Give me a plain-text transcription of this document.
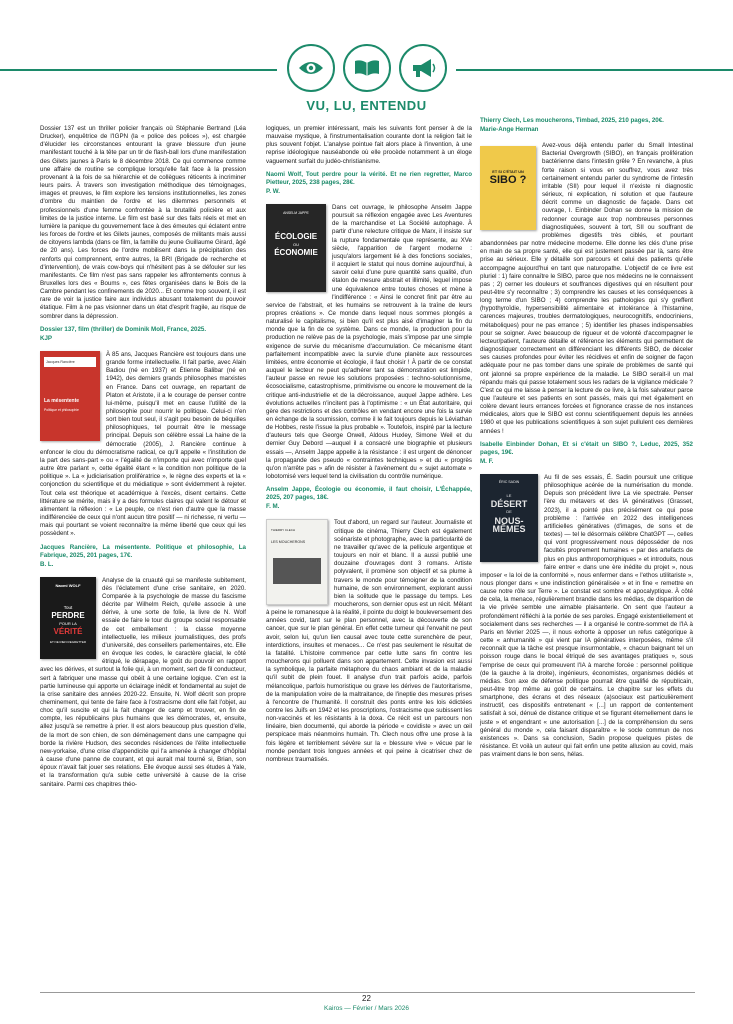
VU, LU, ENTENDU

Dossier 137 est un thriller policier français où Stéphanie Bertrand (Léa Drucker), enquêtrice de l'IGPN (la « police des polices »), est chargée d'élucider les circonstances entourant la grave blessure d'un jeune manifestant touché à la tête par un tir de flash-ball lors d'une manifestation des Gilets jaunes à Paris le 8 décembre 2018. Ce qui commence comme une affaire de routine se complique lorsqu'elle fait face à la pression provenant à la fois de sa hiérarchie et de collègues réticents à incriminer leurs pairs. À travers son investigation méthodique des témoignages, images et preuves, le film explore les tensions institutionnelles, les zones d'ombre du maintien de l'ordre et les dilemmes personnels et professionnels d'une femme confrontée à la brutalité policière et aux limites de la justice interne. Le film est basé sur des faits réels et met en lumière la panique du gouvernement face à des émeutes qui éclatent entre les forces de l'ordre et les Gilets jaunes, composés de militants mais aussi de citoyens lambda (dans ce film, la famille du jeune Guillaume Girard, âgé de 20 ans). Les forces de l'ordre mobilisent dans la précipitation des renforts qui comprennent, entre autres, la BRI (Brigade de recherche et d'intervention), de vrais cow-boys qui n'hésitent pas à se défouler sur les manifestants. Ce film n'est pas sans rappeler les affrontements connus à Bruxelles lors des « Boums », ces fêtes organisées dans le Bois de la Cambre pendant les confinements de 2020... Et comme trop souvent, il est rare de voir la justice faire aux individus abusant totalement du pouvoir étatique. Film à ne pas visionner dans un état d'esprit fragile, au risque de sombrer dans la dépression.

Dossier 137, film (thriller) de Dominik Moll, France, 2025.
KJP
Jacques Rancière
La mésentente
Politique et philosophie

À 85 ans, Jacques Rancière est toujours dans une grande forme intellectuelle. Il fait partie, avec Alain Badiou (né en 1937) et Étienne Balibar (né en 1942), des derniers grands philosophes marxistes en France. Dans cet ouvrage, en repartant de Platon et Aristote, il a le courage de penser contre lui-même, puisqu'il met en cause l'utilité de la philosophie pour nourrir le politique. Celui-ci n'en sort bien tout seul, il s'agit peu besoin de béquilles philosophiques, tel pourrait être le message principal. Depuis son célèbre essai La haine de la démocratie (2005), J. Rancière continue à enfoncer le clou du démocratisme radical, ce qu'il appelle « l'institution de la part des sans-part » ou « l'égalité de n'importe qui avec n'importe quel autre être parlant », cette égalité étant « la condition non politique de la politique ». La « judiciarisation prolifératrice », le règne des experts et la « conjonction du scientifique et du médiatique » sont évidemment à rejeter. Tout cela est théorique et académique à l'excès, disent certains. Cette littérature se mérite, mais il y a des formules claires qui valent le détour et alimentent la réflexion : « Le peuple, ce n'est rien d'autre que la masse indifférenciée de ceux qui n'ont aucun titre positif — ni richesse, ni vertu — mais qui pourtant se voient reconnaître la même liberté que ceux qui les possèdent ».

Jacques Rancière, La mésentente. Politique et philosophie, La Fabrique, 2025, 201 pages, 17€.
B. L.
Naomi WOLF
Tout
PERDRE
POUR LA
VÉRITÉ
ET NE RIEN REGRETTER

Analyse de la cruauté qui se manifeste subitement, dès l'éclatement d'une crise sanitaire, en 2020. Comparée à la psychologie de masse du fascisme décrite par Wilhelm Reich, qu'elle associe à une dérive, à une sorte de folie, la livre de N. Wolf essaie de faire le tour du groupe social responsable de cet emballement : la classe moyenne intellectuelle, les milieux journalistiques, des profs d'université, des conseillers parlementaires, etc. Elle en évoque les codes, le caractère glacial, le côté étriqué, le dérapage, le goût du pouvoir en rapport avec les dérives, et surtout la folie qui, à un moment, sert de fil conducteur, sert à fabriquer une masse qui obéit à une certaine logique. C'en est la partie lumineuse qui apporte un éclairage inédit et fondamental au sujet de la crise sanitaire des années 2020-22. Ensuite, N. Wolf décrit son propre cheminement, qui tente de faire face à l'ostracisme dont elle fait l'objet, au choc qu'il suscite et qui la fait changer de camp et trouver, en fin de compte, les républicains plus humains que les démocrates, et, ensuite, allez jusqu'à se remettre à prier. Il est alors beaucoup plus question d'elle, de la mort de son chien, de son déménagement dans une campagne qui borde la rivière Hudson, des secondes résidences de l'élite intellectuelle new-yorkaise, d'une crise d'appendicite qui l'a amenée à changer d'hôpital à cause d'une panne de courant, et qui aurait mal tourné si, Brian, son époux n'avait fait jouer ses relations. Elle évoque aussi ses études à Yale, et la transformation qu'a subie cette université à cause de la crise sanitaire. Parmi ces chapitres théo-

logiques, un premier intéressant, mais les suivants font penser à de la mauvaise mystique, à l'instrumentalisation courante dont la religion fait le plus souvent l'objet. L'analyse pointue fait alors place à l'invention, à une reprise idéologique nauséabonde où elle procède notamment à un éloge vaguement surfait du judéo-christianisme.

Naomi Wolf, Tout perdre pour la vérité. Et ne rien regretter, Marco Pietteur, 2025, 238 pages, 28€.
P. W.
ANSELM JAPPE
ÉCOLOGIE
OU
ÉCONOMIE

Dans cet ouvrage, le philosophe Anselm Jappe poursuit sa réflexion engagée avec Les Aventures de la marchandise et La Société autophage. À partir d'une relecture critique de Marx, il insiste sur la rupture fondamentale que représente, au XVe siècle, l'apparition de l'argent moderne : jusqu'alors largement lié à des fonctions sociales, il acquiert le statut qui nous domine aujourd'hui, à savoir celui d'une pure quantité sans qualité, d'un étalon de mesure abstrait et illimité, lequel impose une équivalence entre toutes choses et mène à l'indifférence : « Ainsi le concret finit par être au service de l'abstrait, et les humains se retrouvent à la traîne de leurs propres créations ». Ce monde dans lequel nous sommes plongés a naturalisé le capitalisme, si bien qu'il est plus aisé d'imaginer la fin du monde que la fin de ce système. Dans ce monde, la production pour la production ne relève pas de la psychologie, mais s'impose par une simple exigence de survie du mécanisme d'accumulation. Ce mécanisme étant parfaitement incompatible avec la survie d'une planète aux ressources limitées, entre économie et écologie, il faut choisir ! À partir de ce constat auquel le lecteur ne peut qu'adhérer tant sa démonstration est limpide, l'auteur passe en revue les solutions proposées : techno-solutionnisme, écosocialisme, catastrophisme, primitivisme ou encore le mouvement de la critique anti-industrielle et de la décroissance, auquel Jappe adhère. Les évolutions actuelles n'incitent pas à l'optimisme : « un État autoritaire, qui gère des restrictions et des contrôles en vendant encore une fois la survie en échange de la soumission, comme il le fait toujours depuis le Léviathan de Hobbes, reste l'issue la plus probable ». Toutefois, inspiré par la lecture d'auteurs tels que George Orwell, Aldous Huxley, Simone Weil et du dernier Guy Debord —auquel il a consacré une biographie et plusieurs essais —, Anselm Jappe appelle à la résistance : il est urgent de dénoncer la propagande des pseudo « contraintes techniques » et du « progrès qu'on n'arrête pas » afin de résister à l'avènement du « sujet automate » lobotomisé vers lequel tend la civilisation du contrôle numérique.

Anselm Jappe, Écologie ou économie, il faut choisir, L'Échappée, 2025, 207 pages, 18€.
F. M.
THIERRY CLECH
LES MOUCHERONS

Tout d'abord, un regard sur l'auteur. Journaliste et critique de cinéma, Thierry Clech est également scénariste et photographe, avec la particularité de ne travailler qu'avec de la pellicule argentique et toujours en noir et blanc. Il a aussi publié une douzaine d'ouvrages dont 3 romans. Artiste polyvalent, il promène son objectif et sa plume à travers le monde pour témoigner de la condition humaine, de son environnement, explorant aussi bien la solitude que le passage du temps. Les moucherons, son dernier opus est un récit. Mêlant à peine le romanesque à la réalité, il pointe du doigt le bouleversement des années covid, tant sur le plan personnel, avec la découverte de son cancer, que sur le plan général. En effet cette tumeur qui l'envahit ne peut avoir, selon lui, qu'un lien causal avec toute cette surenchère de peur, interdictions, insultes et menaces... Ce n'est pas seulement le résultat de la fatalité. L'histoire commence par cette lutte sans fin contre les moucherons qui polluent dans son appartement. Cette invasion est aussi la symbolique, la parfaite métaphore du chaos ambiant et de la maladie qu'il subit de plein fouet. Il analyse d'un trait parfois acide, parfois mélancolique, parfois humoristique ou grave les dérives de l'autoritarisme, de la manipulation voire de la maltraitance, de l'ineptie des mesures prises à l'encontre de l'humanité. Il construit des ponts entre les lois édictées contre les Juifs en 1942 et les proscriptions, l'ostracisme que subissent les non-vaccinés et les résistants à la doxa. Ce récit est un parcours non linéaire, bien documenté, qui aborde la période « covidiste » avec un œil perspicace mais néanmoins humain. Th. Clech nous offre une prose à la fois légère et terriblement sévère sur la « blessure vive » vécue par le monde pendant trois longues années et qui peine à cicatriser chez de nombreux traumatisés.

Thierry Clech, Les moucherons, Timbad, 2025, 210 pages, 20€.
Marie-Ange Herman
ET SI C'ÉTAIT UN
SIBO ?

Avez-vous déjà entendu parler du Small Intestinal Bacterial Overgrowth (SIBO), en français prolifération bactérienne dans l'intestin grêle ? En revanche, à plus forte raison si vous en souffrez, vous avez très certainement entendu parler du syndrome de l'intestin irritable (SII) pour lequel il n'existe ni diagnostic sérieux, ni explication, ni solution et que l'auteure décrit comme un diagnostic de façade. Dans cet ouvrage, I. Einbinder Dohan se donne la mission de redonner courage aux trop nombreuses personnes diagnostiquées, souvent à tort, SII ou souffrant de problèmes digestifs très ciblés, et pourtant abandonnées par notre médecine moderne. Elle donne les clés d'une prise en main de sa propre santé, elle qui est justement passée par là, sans être prise au sérieux. Elle y détaille son parcours et celui des patients qu'elle accompagne aujourd'hui en tant que naturopathe. L'objectif de ce livre est pluriel : 1) faire connaître le SIBO, parce que nos médecins ne le connaissent pas ; 2) cerner les douleurs et souffrances digestives qui en résultent pour peut-être s'y reconnaître ; 3) comprendre les causes et les conséquences à long terme d'un SIBO ; 4) comprendre les pathologies qui s'y greffent (hypothyroïdie, hypersensibilité alimentaire et intolérance à l'histamine, carences majeures, troubles dermatologiques, neurocognitifs, endocriniens, métaboliques) pour ne pas errance ; 5) identifier les phases indispensables pour se soigner. Avec beaucoup de rigueur et de volonté d'accompagner le lecteur/patient, l'auteure détaille et référence les éléments qui permettent de diagnostiquer correctement en différenciant les différents SIBO, de déceler ses causes profondes pour éviter les récidives et enfin de soigner de façon adéquate pour ne pas tomber dans une spirale de problèmes de santé qui ont jalonné sa propre expérience de la maladie. Le SIBO serait-il un mal répandu mais qui passe totalement sous les radars de la vigilance médicale ? C'est ce qui me laisse à penser la lecture de ce livre, à la fois salvateur parce que l'auteure et ses patients en sont passés, mais qui met également en colère devant leurs errances forcées et l'ignorance crasse de nos instances médicales, alors que le SIBO est connu scientifiquement depuis les années 1980 et que les publications scientifiques à son sujet pullulent ces dernières années !

Isabelle Einbinder Dohan, Et si c'était un SIBO ?, Leduc, 2025, 352 pages, 19€.
M. F.
ÉRIC SADIN
LE
DÉSERT
DE
NOUS-
MÊMES

Au fil de ses essais, É. Sadin poursuit une critique philosophique acérée de la numérisation du monde. Depuis son précédent livre La vie spectrale. Penser l'ère du métavers et des IA génératives (Grasset, 2023), il a pointé plus précisément ce qui pose problème : l'arrivée en 2022 des intelligences artificielles génératives (d'images, de sons et de textes) — tel le désormais célèbre ChatGPT —, celles qui vont progressivement nous déposséder de nos facultés proprement humaines « par des artefacts de plus en plus anthropomorphiques » et introduits, nous faire entrer « dans une ère inédite du projet », nous imposer « la loi de la conformité », nous enfermer dans « l'ethos utilitariste », nous plonger dans « une indistinction généralisée » et in fine « remettre en cause notre rôle sur Terre ». Le constat est sombre et apocalyptique. À côté de cela, la menace, régulièrement brandie dans les médias, de disparition de la vie privée semble une aimable plaisanterie. On sent que l'auteur a profondément réfléchi à la portée de ses paroles. Engagé existentiellement et socialement dans ses recherches — il a organisé le contre-sommet de l'IA à Paris en février 2025 —, il nous exhorte à opposer un refus catégorique à cette « anhumanité » qui vient par IA génératives interposées, même s'il reconnaît que la tâche est presque insurmontable, « chacun baignant tel un poisson rouge dans le bocal étriqué de ses avantages pratiques », sous l'emprise de ceux qui promeuvent l'IA à marche forcée : personnel politique (de la gauche à la droite), ingénieurs, économistes, organismes dédiés et médias. Son axe de défense politique pourrait être qualifié de républicain, peut-être trop même au goût de certains. Le chapitre sur les effets du smartphone, des écrans et des réseaux (a)sociaux est particulièrement instructif, ces dispositifs entretenant « [...] un rapport de contentement satisfait à soi, dénué de distance critique et se figurant éternellement dans le juste » et engendrant « une autorisation [...] de la compréhension du sens général du monde », cela faisant disparaître « le socle commun de nos existences ». Dans sa conclusion, Sadin propose quelques pistes de résistance. Et voilà un auteur qui fait enfin une petite allusion au covid, mais pas vraiment dans le bon sens, hélas.

22
Kairos — Février / Mars 2026
